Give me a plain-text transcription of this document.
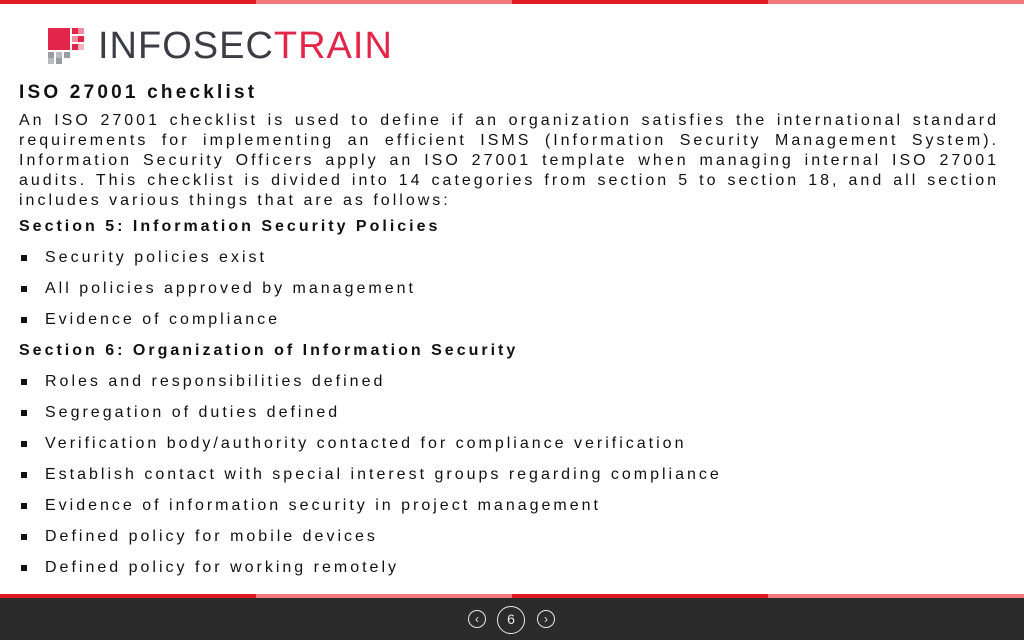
INFOSECTRAIN
ISO 27001 checklist

An ISO 27001 checklist is used to define if an organization satisfies the international standard requirements for implementing an efficient ISMS (Information Security Management System). Information Security Officers apply an ISO 27001 template when managing internal ISO 27001 audits. This checklist is divided into 14 categories from section 5 to section 18, and all section includes various things that are as follows:

Section 5: Information Security Policies
Security policies exist
All policies approved by management
Evidence of compliance
Section 6: Organization of Information Security
Roles and responsibilities defined
Segregation of duties defined
Verification body/authority contacted for compliance verification
Establish contact with special interest groups regarding compliance
Evidence of information security in project management
Defined policy for mobile devices
Defined policy for working remotely
‹	6	›
